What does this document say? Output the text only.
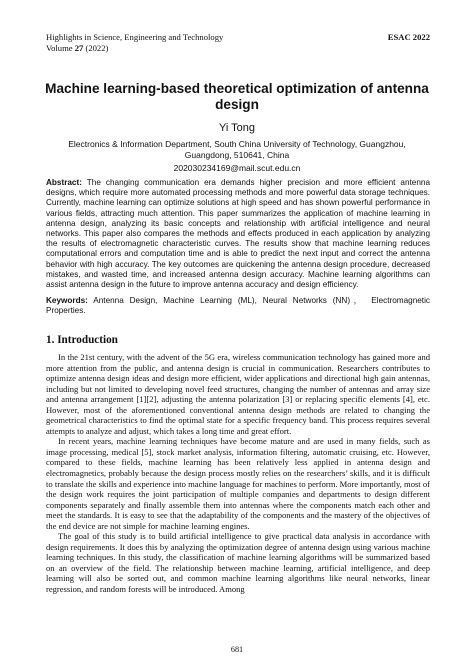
Highlights in Science, Engineering and Technology	ESAC 2022
Volume 27 (2022)
Machine learning-based theoretical optimization of antenna design
Yi Tong
Electronics & Information Department, South China University of Technology, Guangzhou, Guangdong, 510641, China
202030234169@mail.scut.edu.cn
Abstract: The changing communication era demands higher precision and more efficient antenna designs, which require more automated processing methods and more powerful data storage techniques. Currently, machine learning can optimize solutions at high speed and has shown powerful performance in various fields, attracting much attention. This paper summarizes the application of machine learning in antenna design, analyzing its basic concepts and relationship with artificial intelligence and neural networks. This paper also compares the methods and effects produced in each application by analyzing the results of electromagnetic characteristic curves. The results show that machine learning reduces computational errors and computation time and is able to predict the next input and correct the antenna behavior with high accuracy. The key outcomes are quickening the antenna design procedure, decreased mistakes, and wasted time, and increased antenna design accuracy. Machine learning algorithms can assist antenna design in the future to improve antenna accuracy and design efficiency.
Keywords: Antenna Design, Machine Learning (ML), Neural Networks (NN)， Electromagnetic Properties.
1. Introduction

In the 21st century, with the advent of the 5G era, wireless communication technology has gained more and more attention from the public, and antenna design is crucial in communication. Researchers contributes to optimize antenna design ideas and design more efficient, wider applications and directional high gain antennas, including but not limited to developing novel feed structures, changing the number of antennas and array size and antenna arrangement [1][2], adjusting the antenna polarization [3] or replacing specific elements [4], etc. However, most of the aforementioned conventional antenna design methods are related to changing the geometrical characteristics to find the optimal state for a specific frequency band. This process requires several attempts to analyze and adjust, which takes a long time and great effort.

In recent years, machine learning techniques have become mature and are used in many fields, such as image processing, medical [5], stock market analysis, information filtering, automatic cruising, etc. However, compared to these fields, machine learning has been relatively less applied in antenna design and electromagnetics, probably because the design process mostly relies on the researchers’ skills, and it is difficult to translate the skills and experience into machine language for machines to perform. More importantly, most of the design work requires the joint participation of multiple companies and departments to design different components separately and finally assemble them into antennas where the components match each other and meet the standards. It is easy to see that the adaptability of the components and the mastery of the objectives of the end device are not simple for machine learning engines.

The goal of this study is to build artificial intelligence to give practical data analysis in accordance with design requirements. It does this by analyzing the optimization degree of antenna design using various machine learning techniques. In this study, the classification of machine learning algorithms will be summarized based on an overview of the field. The relationship between machine learning, artificial intelligence, and deep learning will also be sorted out, and common machine learning algorithms like neural networks, linear regression, and random forests will be introduced. Among

681
